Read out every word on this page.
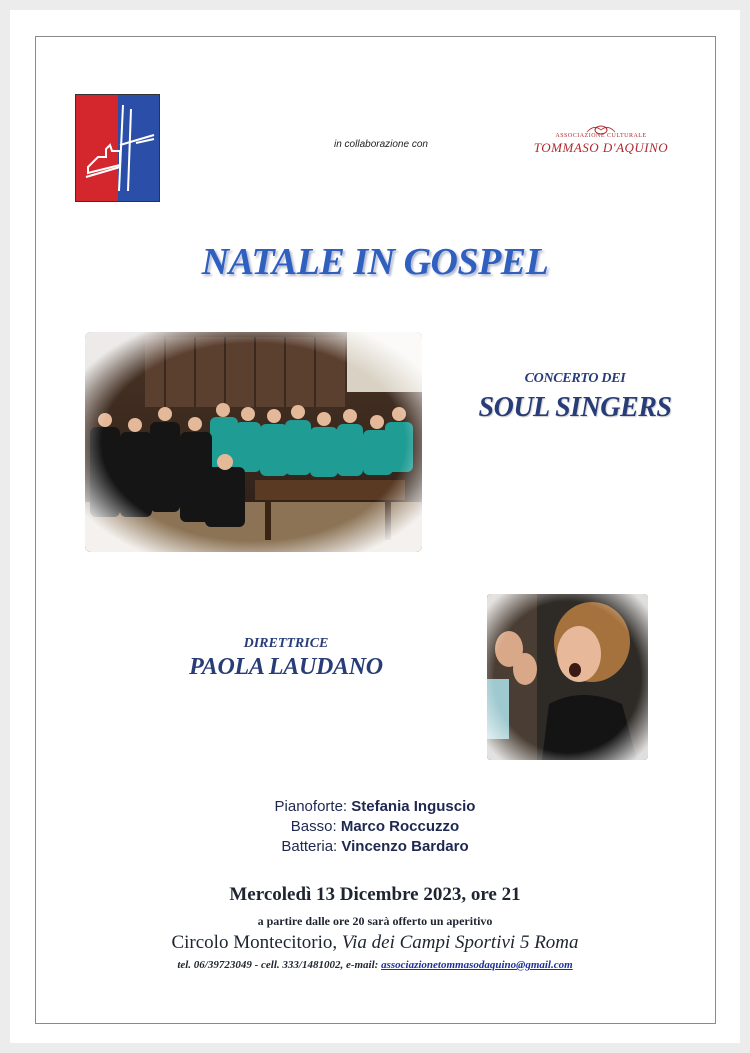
in collaborazione con
ASSOCIAZIONE CULTURALE
TOMMASO D'AQUINO
NATALE IN GOSPEL
CONCERTO DEI
SOUL SINGERS
DIRETTRICE
PAOLA LAUDANO
Pianoforte: Stefania Inguscio
Basso: Marco Roccuzzo
Batteria: Vincenzo Bardaro
Mercoledì 13 Dicembre 2023, ore 21
a partire dalle ore 20 sarà offerto un aperitivo
Circolo Montecitorio, Via dei Campi Sportivi 5 Roma
tel. 06/39723049 - cell. 333/1481002, e-mail: associazionetommasodaquino@gmail.com
